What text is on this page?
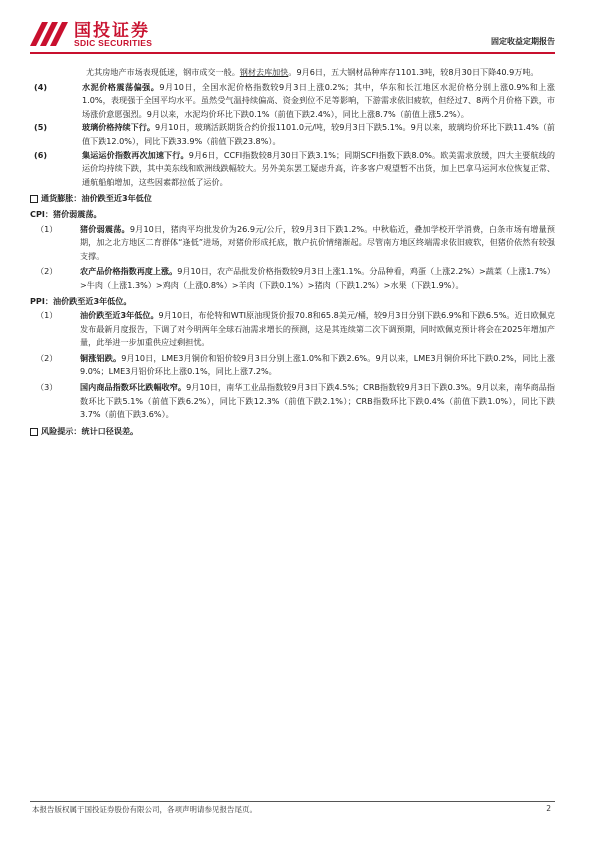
国投证券
SDIC SECURITIES	固定收益定期报告
尤其房地产市场表现低迷，钢市成交一般。钢材去库加快。9月6日，五大钢材品种库存1101.3吨，较8月30日下降40.9万吨。
(4)	水泥价格震荡偏强。9月10日，全国水泥价格指数较9月3日上涨0.2%；其中，华东和长江地区水泥价格分别上涨0.9%和上涨1.0%，表现强于全国平均水平。虽然受气温持续偏高、资金到位不足等影响，下游需求依旧疲软，但经过7、8两个月价格下跌，市场涨价意愿强烈。9月以来，水泥均价环比下跌0.1%（前值下跌2.4%），同比上涨8.7%（前值上涨5.2%）。
(5)	玻璃价格持续下行。9月10日，玻璃活跃期货合约价报1101.0元/吨，较9月3日下跌5.1%。9月以来，玻璃均价环比下跌11.4%（前值下跌12.0%），同比下跌33.9%（前值下跌23.8%）。
(6)	集运运价指数再次加速下行。9月6日，CCFI指数较8月30日下跌3.1%；同期SCFI指数下跌8.0%。欧美需求放缓，四大主要航线的运价均持续下跌，其中美东线和欧洲线跌幅较大。另外美东罢工疑虑升高，许多客户观望暂不出货，加上巴拿马运河水位恢复正常、通航船舶增加，这些因素都拉低了运价。
通货膨胀：油价跌至近3年低位
CPI：猪价弱震荡。
（1）	猪价弱震荡。9月10日，猪肉平均批发价为26.9元/公斤，较9月3日下跌1.2%。中秋临近，叠加学校开学消费，白条市场有增量预期，加之北方地区二育群体“逢低”进场，对猪价形成托底，散户抗价情绪渐起。尽管南方地区终端需求依旧疲软，但猪价依然有较强支撑。
（2）	农产品价格指数再度上涨。9月10日，农产品批发价格指数较9月3日上涨1.1%。分品种看，鸡蛋（上涨2.2%）>蔬菜（上涨1.7%）>牛肉（上涨1.3%）>鸡肉（上涨0.8%）>羊肉（下跌0.1%）>猪肉（下跌1.2%）>水果（下跌1.9%）。
PPI：油价跌至近3年低位。
（1）	油价跌至近3年低位。9月10日，布伦特和WTI原油现货价报70.8和65.8美元/桶，较9月3日分别下跌6.9%和下跌6.5%。近日欧佩克发布最新月度报告，下调了对今明两年全球石油需求增长的预测，这是其连续第二次下调预期，同时欧佩克预计将会在2025年增加产量，此举进一步加重供应过剩担忧。
（2）	铜涨铝跌。9月10日，LME3月铜价和铝价较9月3日分别上涨1.0%和下跌2.6%。9月以来，LME3月铜价环比下跌0.2%，同比上涨9.0%；LME3月铝价环比上涨0.1%，同比上涨7.2%。
（3）	国内商品指数环比跌幅收窄。9月10日，南华工业品指数较9月3日下跌4.5%；CRB指数较9月3日下跌0.3%。9月以来，南华商品指数环比下跌5.1%（前值下跌6.2%），同比下跌12.3%（前值下跌2.1%）；CRB指数环比下跌0.4%（前值下跌1.0%），同比下跌3.7%（前值下跌3.6%）。
风险提示：统计口径误差。
本报告版权属于国投证券股份有限公司，各项声明请参见报告尾页。	2
